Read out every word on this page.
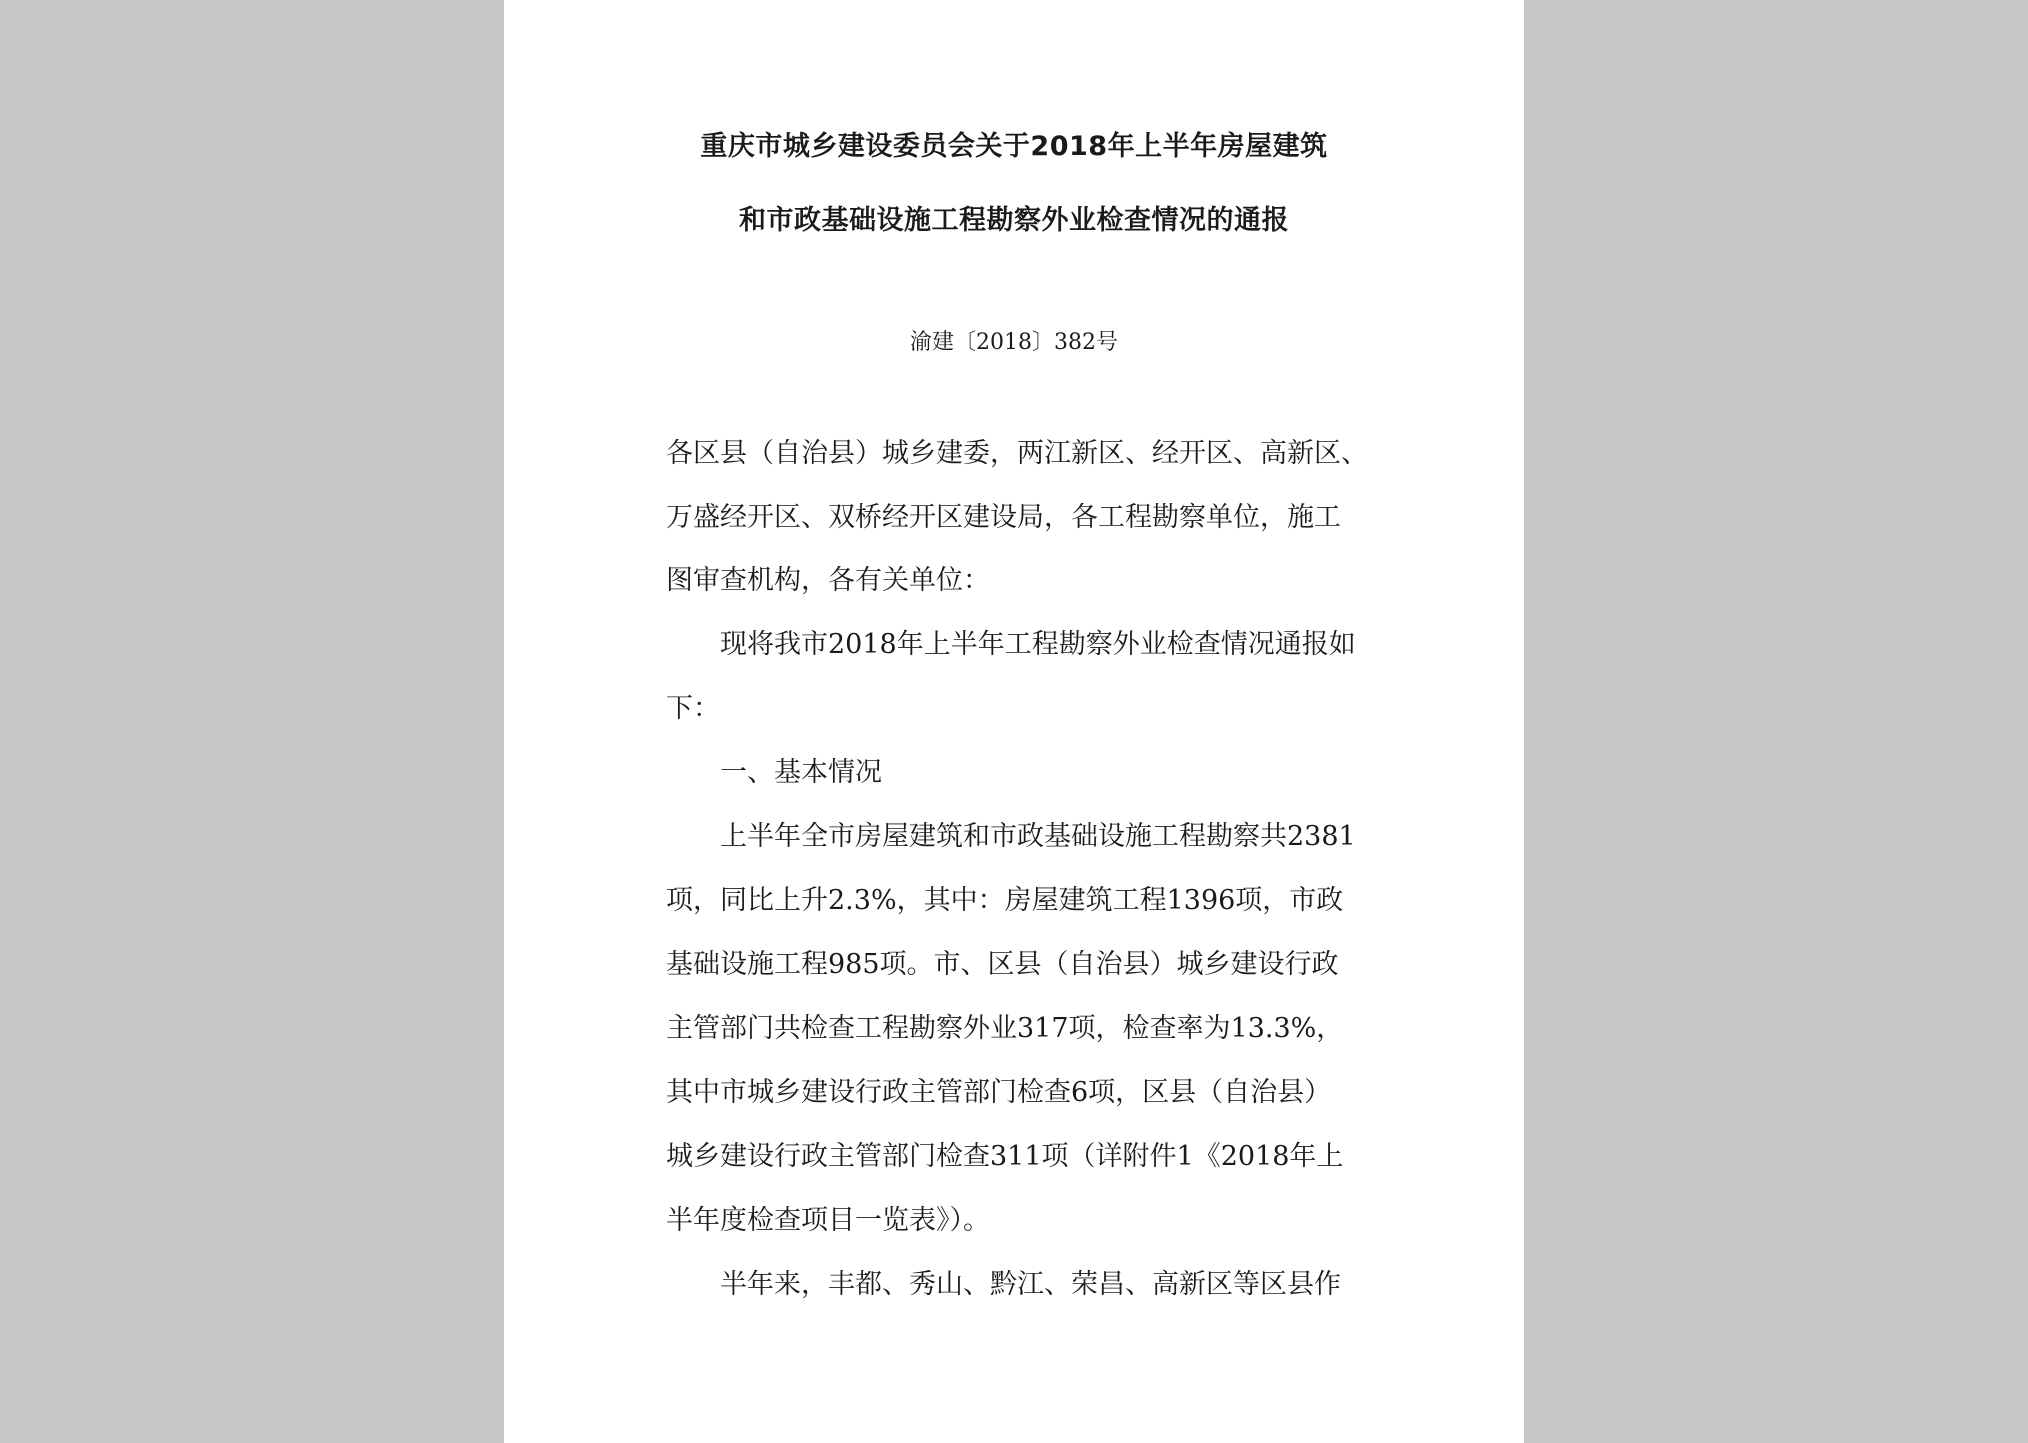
重庆市城乡建设委员会关于2018年上半年房屋建筑
和市政基础设施工程勘察外业检查情况的通报
渝建〔2018〕382号
各区县（自治县）城乡建委，两江新区、经开区、高新区、
万盛经开区、双桥经开区建设局，各工程勘察单位，施工
图审查机构，各有关单位：
现将我市2018年上半年工程勘察外业检查情况通报如
下：
一、基本情况
上半年全市房屋建筑和市政基础设施工程勘察共2381
项，同比上升2.3%，其中：房屋建筑工程1396项，市政
基础设施工程985项。市、区县（自治县）城乡建设行政
主管部门共检查工程勘察外业317项，检查率为13.3%，
其中市城乡建设行政主管部门检查6项，区县（自治县）
城乡建设行政主管部门检查311项（详附件1《2018年上
半年度检查项目一览表》）。
半年来，丰都、秀山、黔江、荣昌、高新区等区县作
